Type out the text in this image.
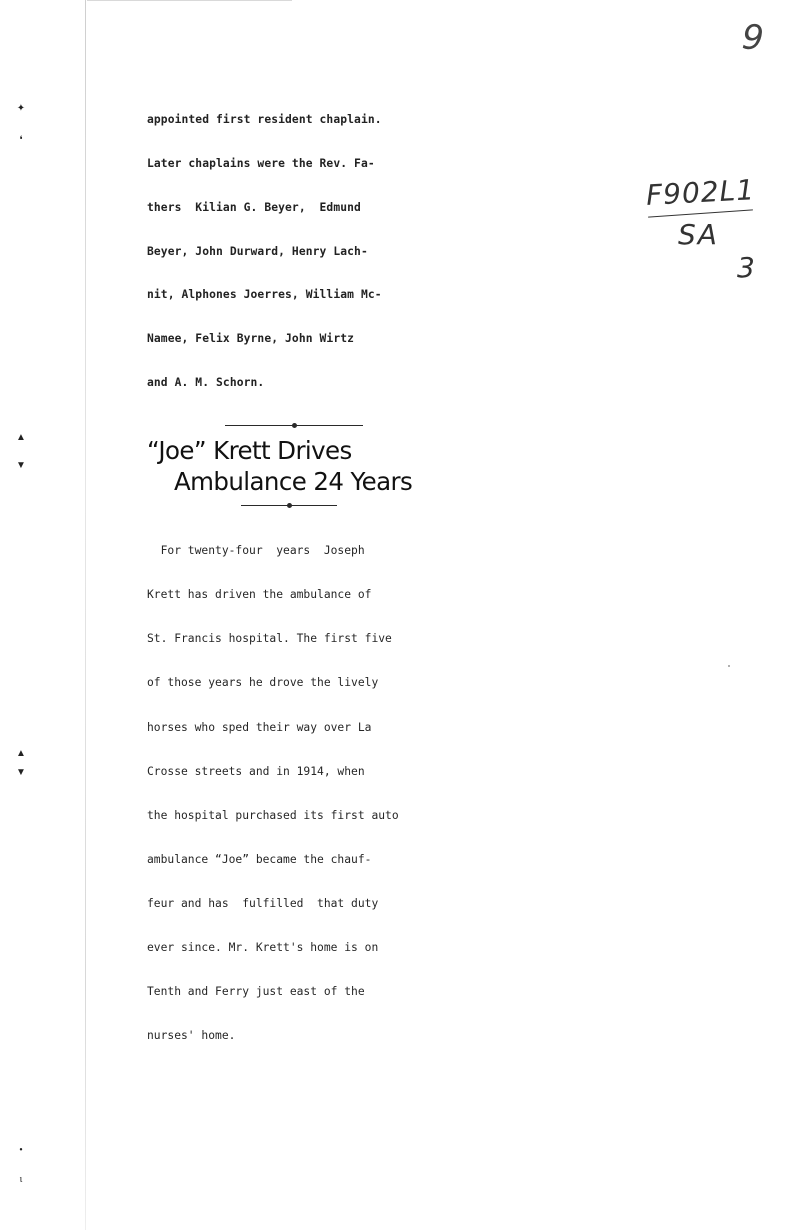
✦
❛
▲
▼
▲
▼
•
ι

appointed first resident chaplain.

Later chaplains were the Rev. Fa-

thers  Kilian G. Beyer,  Edmund

Beyer, John Durward, Henry Lach-

nit, Alphones Joerres, William Mc-

Namee, Felix Byrne, John Wirtz

and A. M. Schorn.

“Joe” Krett Drives
Ambulance 24 Years

For twenty-four  years  Joseph

Krett has driven the ambulance of

St. Francis hospital. The first five

of those years he drove the lively

horses who sped their way over La

Crosse streets and in 1914, when

the hospital purchased its first auto

ambulance “Joe” became the chauf-

feur and has  fulfilled  that duty

ever since. Mr. Krett's home is on

Tenth and Ferry just east of the

nurses' home.

9
F902L1
SA
3
